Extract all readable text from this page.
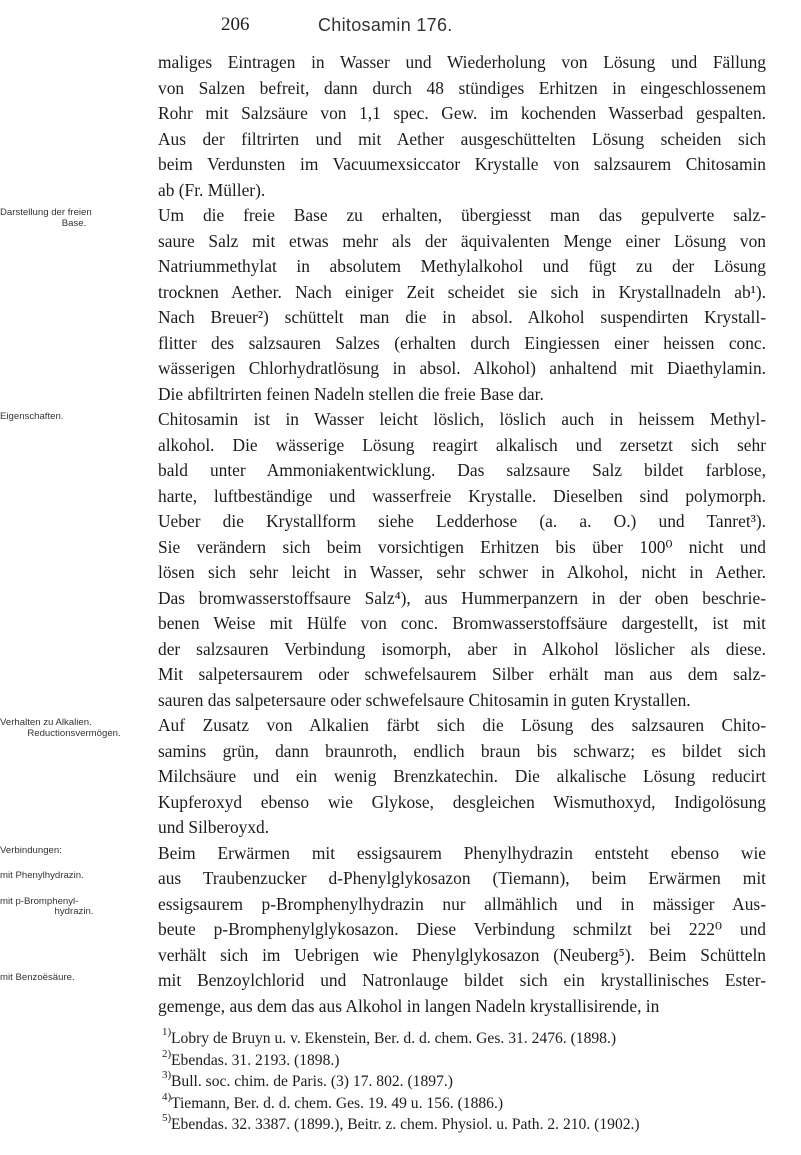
206	Chitosamin 176.
maliges Eintragen in Wasser und Wiederholung von Lösung und Fällung
von Salzen befreit, dann durch 48 stündiges Erhitzen in eingeschlossenem
Rohr mit Salzsäure von 1,1 spec. Gew. im kochenden Wasserbad gespalten.
Aus der filtrirten und mit Aether ausgeschüttelten Lösung scheiden sich
beim Verdunsten im Vacuumexsiccator Krystalle von salzsaurem Chitosamin
ab (Fr. Müller).
Darstellung der freien
Base.	Um die freie Base zu erhalten, übergiesst man das gepulverte salz-
saure Salz mit etwas mehr als der äquivalenten Menge einer Lösung von
Natriummethylat in absolutem Methylalkohol und fügt zu der Lösung
trocknen Aether. Nach einiger Zeit scheidet sie sich in Krystallnadeln ab¹).
Nach Breuer²) schüttelt man die in absol. Alkohol suspendirten Krystall-
flitter des salzsauren Salzes (erhalten durch Eingiessen einer heissen conc.
wässerigen Chlorhydratlösung in absol. Alkohol) anhaltend mit Diaethylamin.
Die abfiltrirten feinen Nadeln stellen die freie Base dar.
Eigenschaften.	Chitosamin ist in Wasser leicht löslich, löslich auch in heissem Methyl-
alkohol. Die wässerige Lösung reagirt alkalisch und zersetzt sich sehr
bald unter Ammoniakentwicklung. Das salzsaure Salz bildet farblose,
harte, luftbeständige und wasserfreie Krystalle. Dieselben sind polymorph.
Ueber die Krystallform siehe Ledderhose (a. a. O.) und Tanret³).
Sie verändern sich beim vorsichtigen Erhitzen bis über 100⁰ nicht und
lösen sich sehr leicht in Wasser, sehr schwer in Alkohol, nicht in Aether.
Das bromwasserstoffsaure Salz⁴), aus Hummerpanzern in der oben beschrie-
benen Weise mit Hülfe von conc. Bromwasserstoffsäure dargestellt, ist mit
der salzsauren Verbindung isomorph, aber in Alkohol löslicher als diese.
Mit salpetersaurem oder schwefelsaurem Silber erhält man aus dem salz-
sauren das salpetersaure oder schwefelsaure Chitosamin in guten Krystallen.
Verhalten zu Alkalien.
Reductionsvermögen.	Auf Zusatz von Alkalien färbt sich die Lösung des salzsauren Chito-
samins grün, dann braunroth, endlich braun bis schwarz; es bildet sich
Milchsäure und ein wenig Brenzkatechin. Die alkalische Lösung reducirt
Kupferoxyd ebenso wie Glykose, desgleichen Wismuthoxyd, Indigolösung
und Silberoyxd.
Verbindungen:	Beim Erwärmen mit essigsaurem Phenylhydrazin entsteht ebenso wie
mit Phenylhydrazin.	aus Traubenzucker d-Phenylglykosazon (Tiemann), beim Erwärmen mit
mit p-Bromphenyl-
hydrazin.	essigsaurem p-Bromphenylhydrazin nur allmählich und in mässiger Aus-
beute p-Bromphenylglykosazon. Diese Verbindung schmilzt bei 222⁰ und
verhält sich im Uebrigen wie Phenylglykosazon (Neuberg⁵). Beim Schütteln
mit Benzoësäure.	mit Benzoylchlorid und Natronlauge bildet sich ein krystallinisches Ester-
gemenge, aus dem das aus Alkohol in langen Nadeln krystallisirende, in
1) Lobry de Bruyn u. v. Ekenstein, Ber. d. d. chem. Ges. 31. 2476. (1898.)
2) Ebendas. 31. 2193. (1898.)
3) Bull. soc. chim. de Paris. (3) 17. 802. (1897.)
4) Tiemann, Ber. d. d. chem. Ges. 19. 49 u. 156. (1886.)
5) Ebendas. 32. 3387. (1899.), Beitr. z. chem. Physiol. u. Path. 2. 210. (1902.)
